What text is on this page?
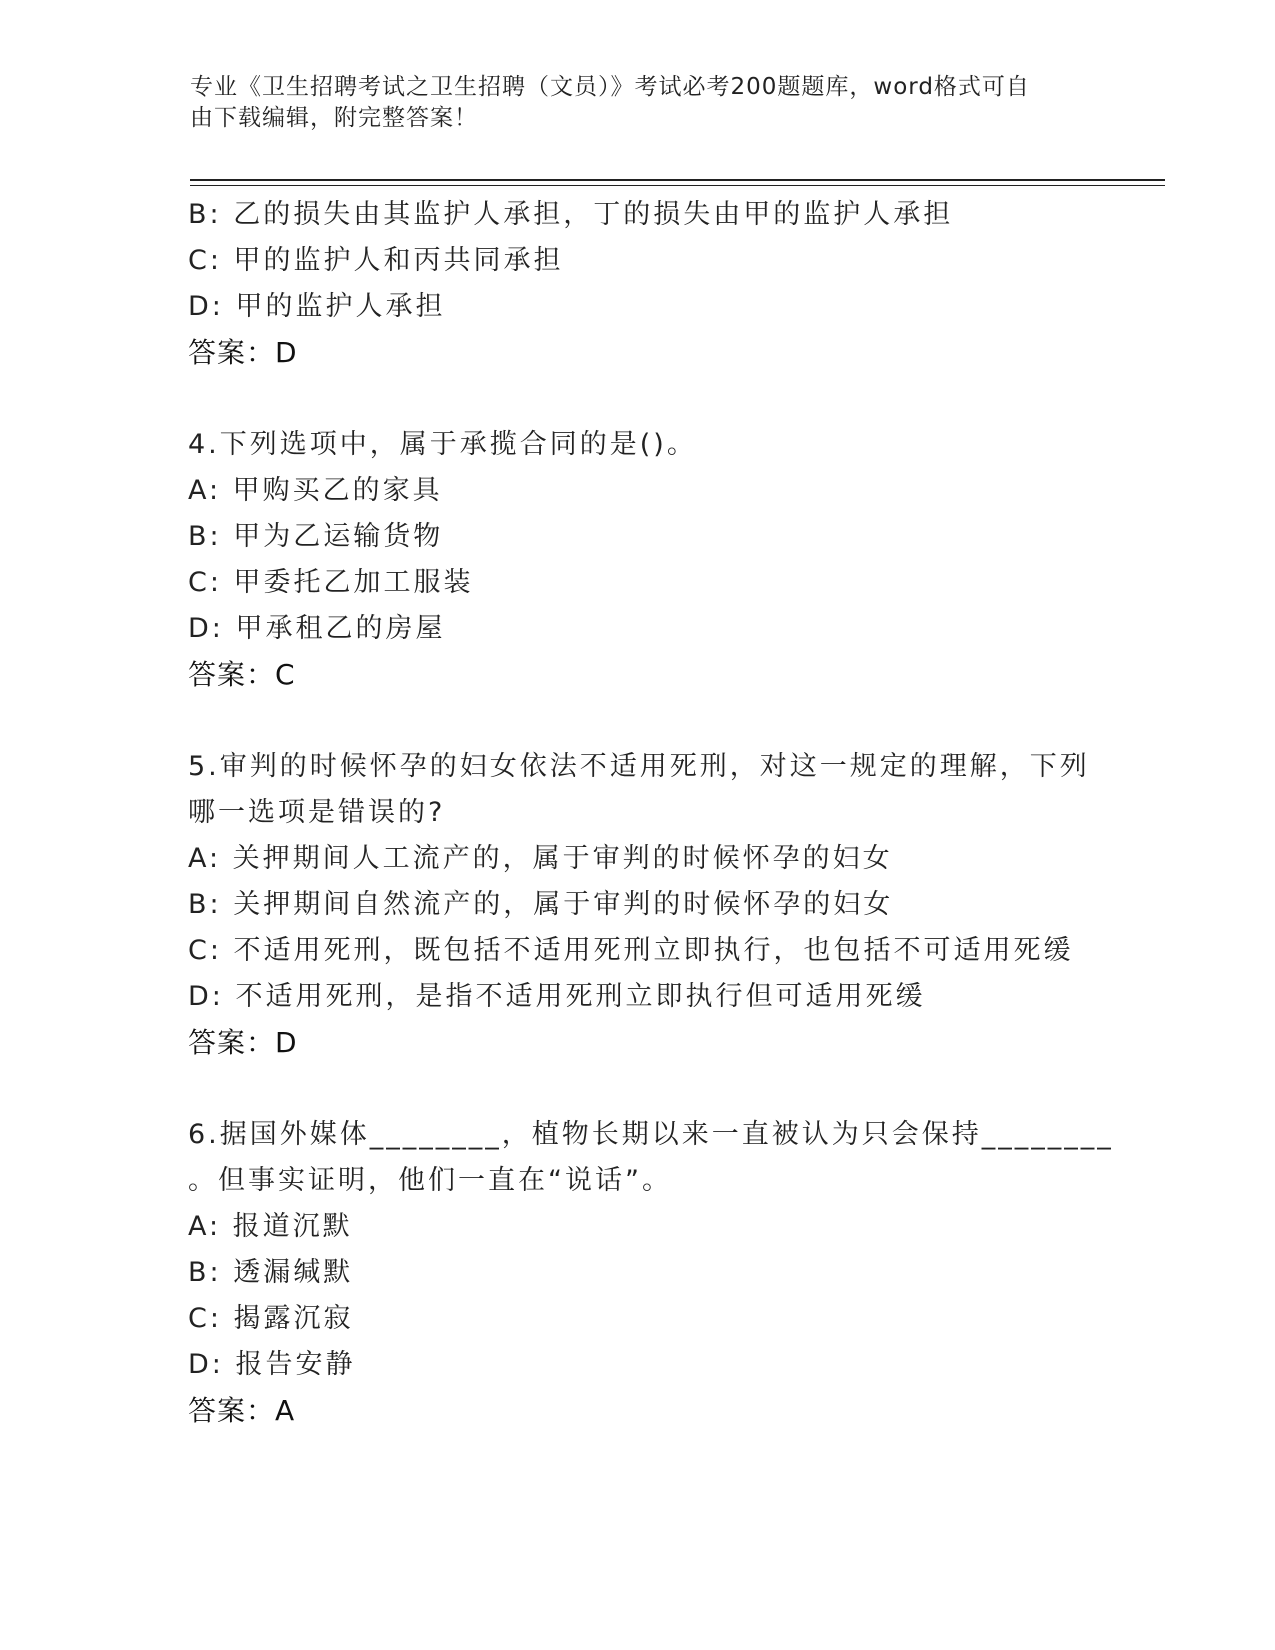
专业《卫生招聘考试之卫生招聘（文员）》考试必考200题题库，word格式可自
由下载编辑，附完整答案！
B: 乙的损失由其监护人承担，丁的损失由甲的监护人承担
C: 甲的监护人和丙共同承担
D: 甲的监护人承担
答案：D
4.下列选项中，属于承揽合同的是()。
A: 甲购买乙的家具
B: 甲为乙运输货物
C: 甲委托乙加工服装
D: 甲承租乙的房屋
答案：C
5.审判的时候怀孕的妇女依法不适用死刑，对这一规定的理解，下列
哪一选项是错误的?
A: 关押期间人工流产的，属于审判的时候怀孕的妇女
B: 关押期间自然流产的，属于审判的时候怀孕的妇女
C: 不适用死刑，既包括不适用死刑立即执行，也包括不可适用死缓
D: 不适用死刑，是指不适用死刑立即执行但可适用死缓
答案：D
6.据国外媒体________，植物长期以来一直被认为只会保持________
。但事实证明，他们一直在“说话”。
A: 报道沉默
B: 透漏缄默
C: 揭露沉寂
D: 报告安静
答案：A
